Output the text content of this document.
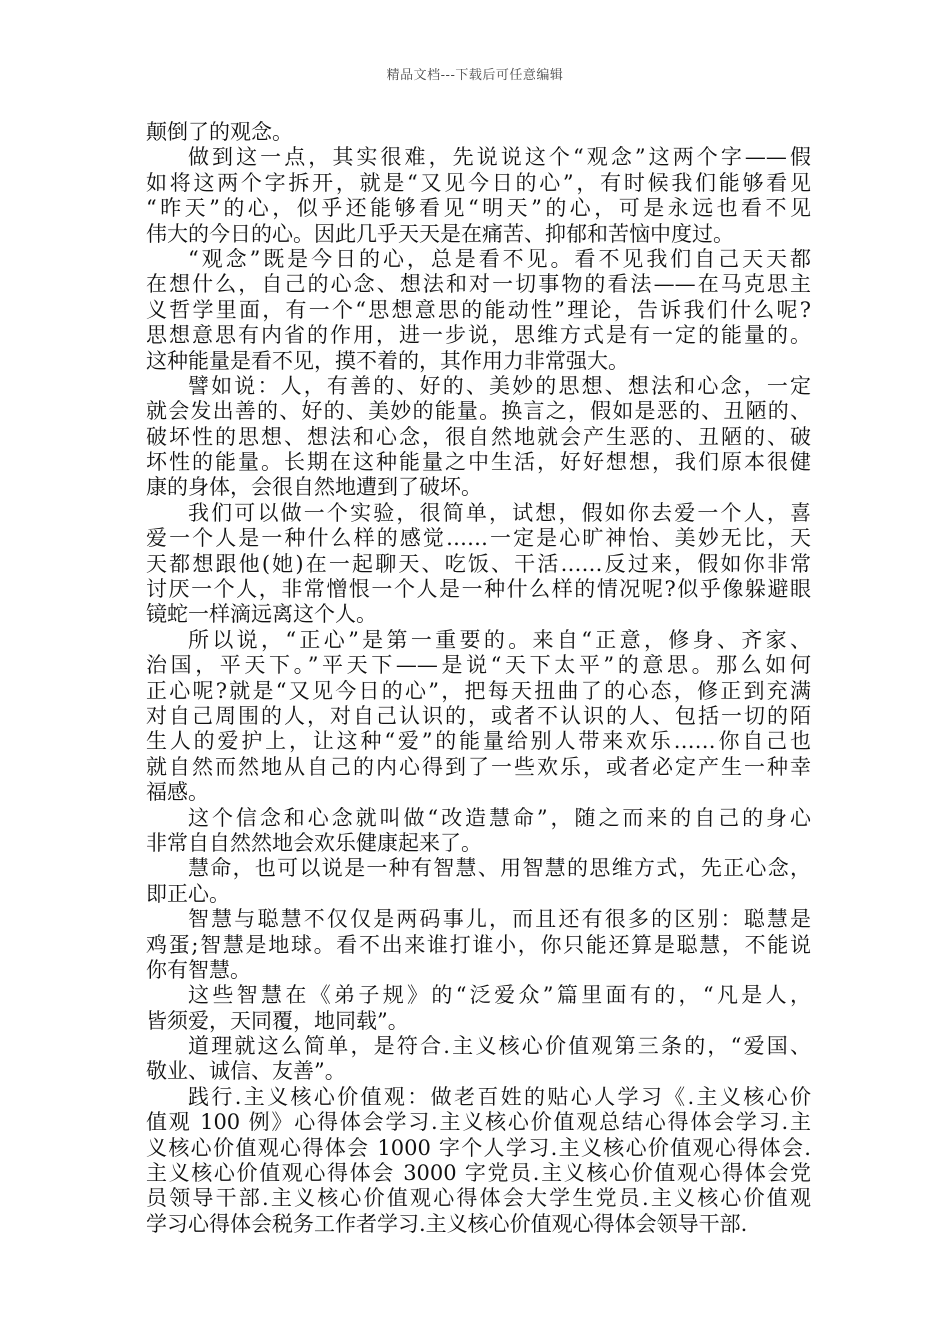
精品文档---下载后可任意编辑
颠倒了的观念。
做到这一点，其实很难，先说说这个“观念”这两个字——假
如将这两个字拆开，就是“又见今日的心”，有时候我们能够看见
“昨天”的心，似乎还能够看见“明天”的心，可是永远也看不见
伟大的今日的心。因此几乎天天是在痛苦、抑郁和苦恼中度过。
“观念”既是今日的心，总是看不见。看不见我们自己天天都
在想什么，自己的心念、想法和对一切事物的看法——在马克思主
义哲学里面，有一个“思想意思的能动性”理论，告诉我们什么呢?
思想意思有内省的作用，进一步说，思维方式是有一定的能量的。
这种能量是看不见，摸不着的，其作用力非常强大。
譬如说：人，有善的、好的、美妙的思想、想法和心念，一定
就会发出善的、好的、美妙的能量。换言之，假如是恶的、丑陋的、
破坏性的思想、想法和心念，很自然地就会产生恶的、丑陋的、破
坏性的能量。长期在这种能量之中生活，好好想想，我们原本很健
康的身体，会很自然地遭到了破坏。
我们可以做一个实验，很简单，试想，假如你去爱一个人，喜
爱一个人是一种什么样的感觉……一定是心旷神怡、美妙无比，天
天都想跟他(她)在一起聊天、吃饭、干活……反过来，假如你非常
讨厌一个人，非常憎恨一个人是一种什么样的情况呢?似乎像躲避眼
镜蛇一样滴远离这个人。
所以说，“正心”是第一重要的。来自“正意，修身、齐家、
治国，平天下。”平天下——是说“天下太平”的意思。那么如何
正心呢?就是“又见今日的心”，把每天扭曲了的心态，修正到充满
对自己周围的人，对自己认识的，或者不认识的人、包括一切的陌
生人的爱护上，让这种“爱”的能量给别人带来欢乐……你自己也
就自然而然地从自己的内心得到了一些欢乐，或者必定产生一种幸
福感。
这个信念和心念就叫做“改造慧命”，随之而来的自己的身心
非常自自然然地会欢乐健康起来了。
慧命，也可以说是一种有智慧、用智慧的思维方式，先正心念，
即正心。
智慧与聪慧不仅仅是两码事儿，而且还有很多的区别：聪慧是
鸡蛋;智慧是地球。看不出来谁打谁小，你只能还算是聪慧，不能说
你有智慧。
这些智慧在《弟子规》的“泛爱众”篇里面有的，“凡是人，
皆须爱，天同覆，地同载”。
道理就这么简单，是符合.主义核心价值观第三条的，“爱国、
敬业、诚信、友善”。
践行.主义核心价值观：做老百姓的贴心人学习《.主义核心价
值观 100 例》心得体会学习.主义核心价值观总结心得体会学习.主
义核心价值观心得体会 1000 字个人学习.主义核心价值观心得体会.
主义核心价值观心得体会 3000 字党员.主义核心价值观心得体会党
员领导干部.主义核心价值观心得体会大学生党员.主义核心价值观
学习心得体会税务工作者学习.主义核心价值观心得体会领导干部.
